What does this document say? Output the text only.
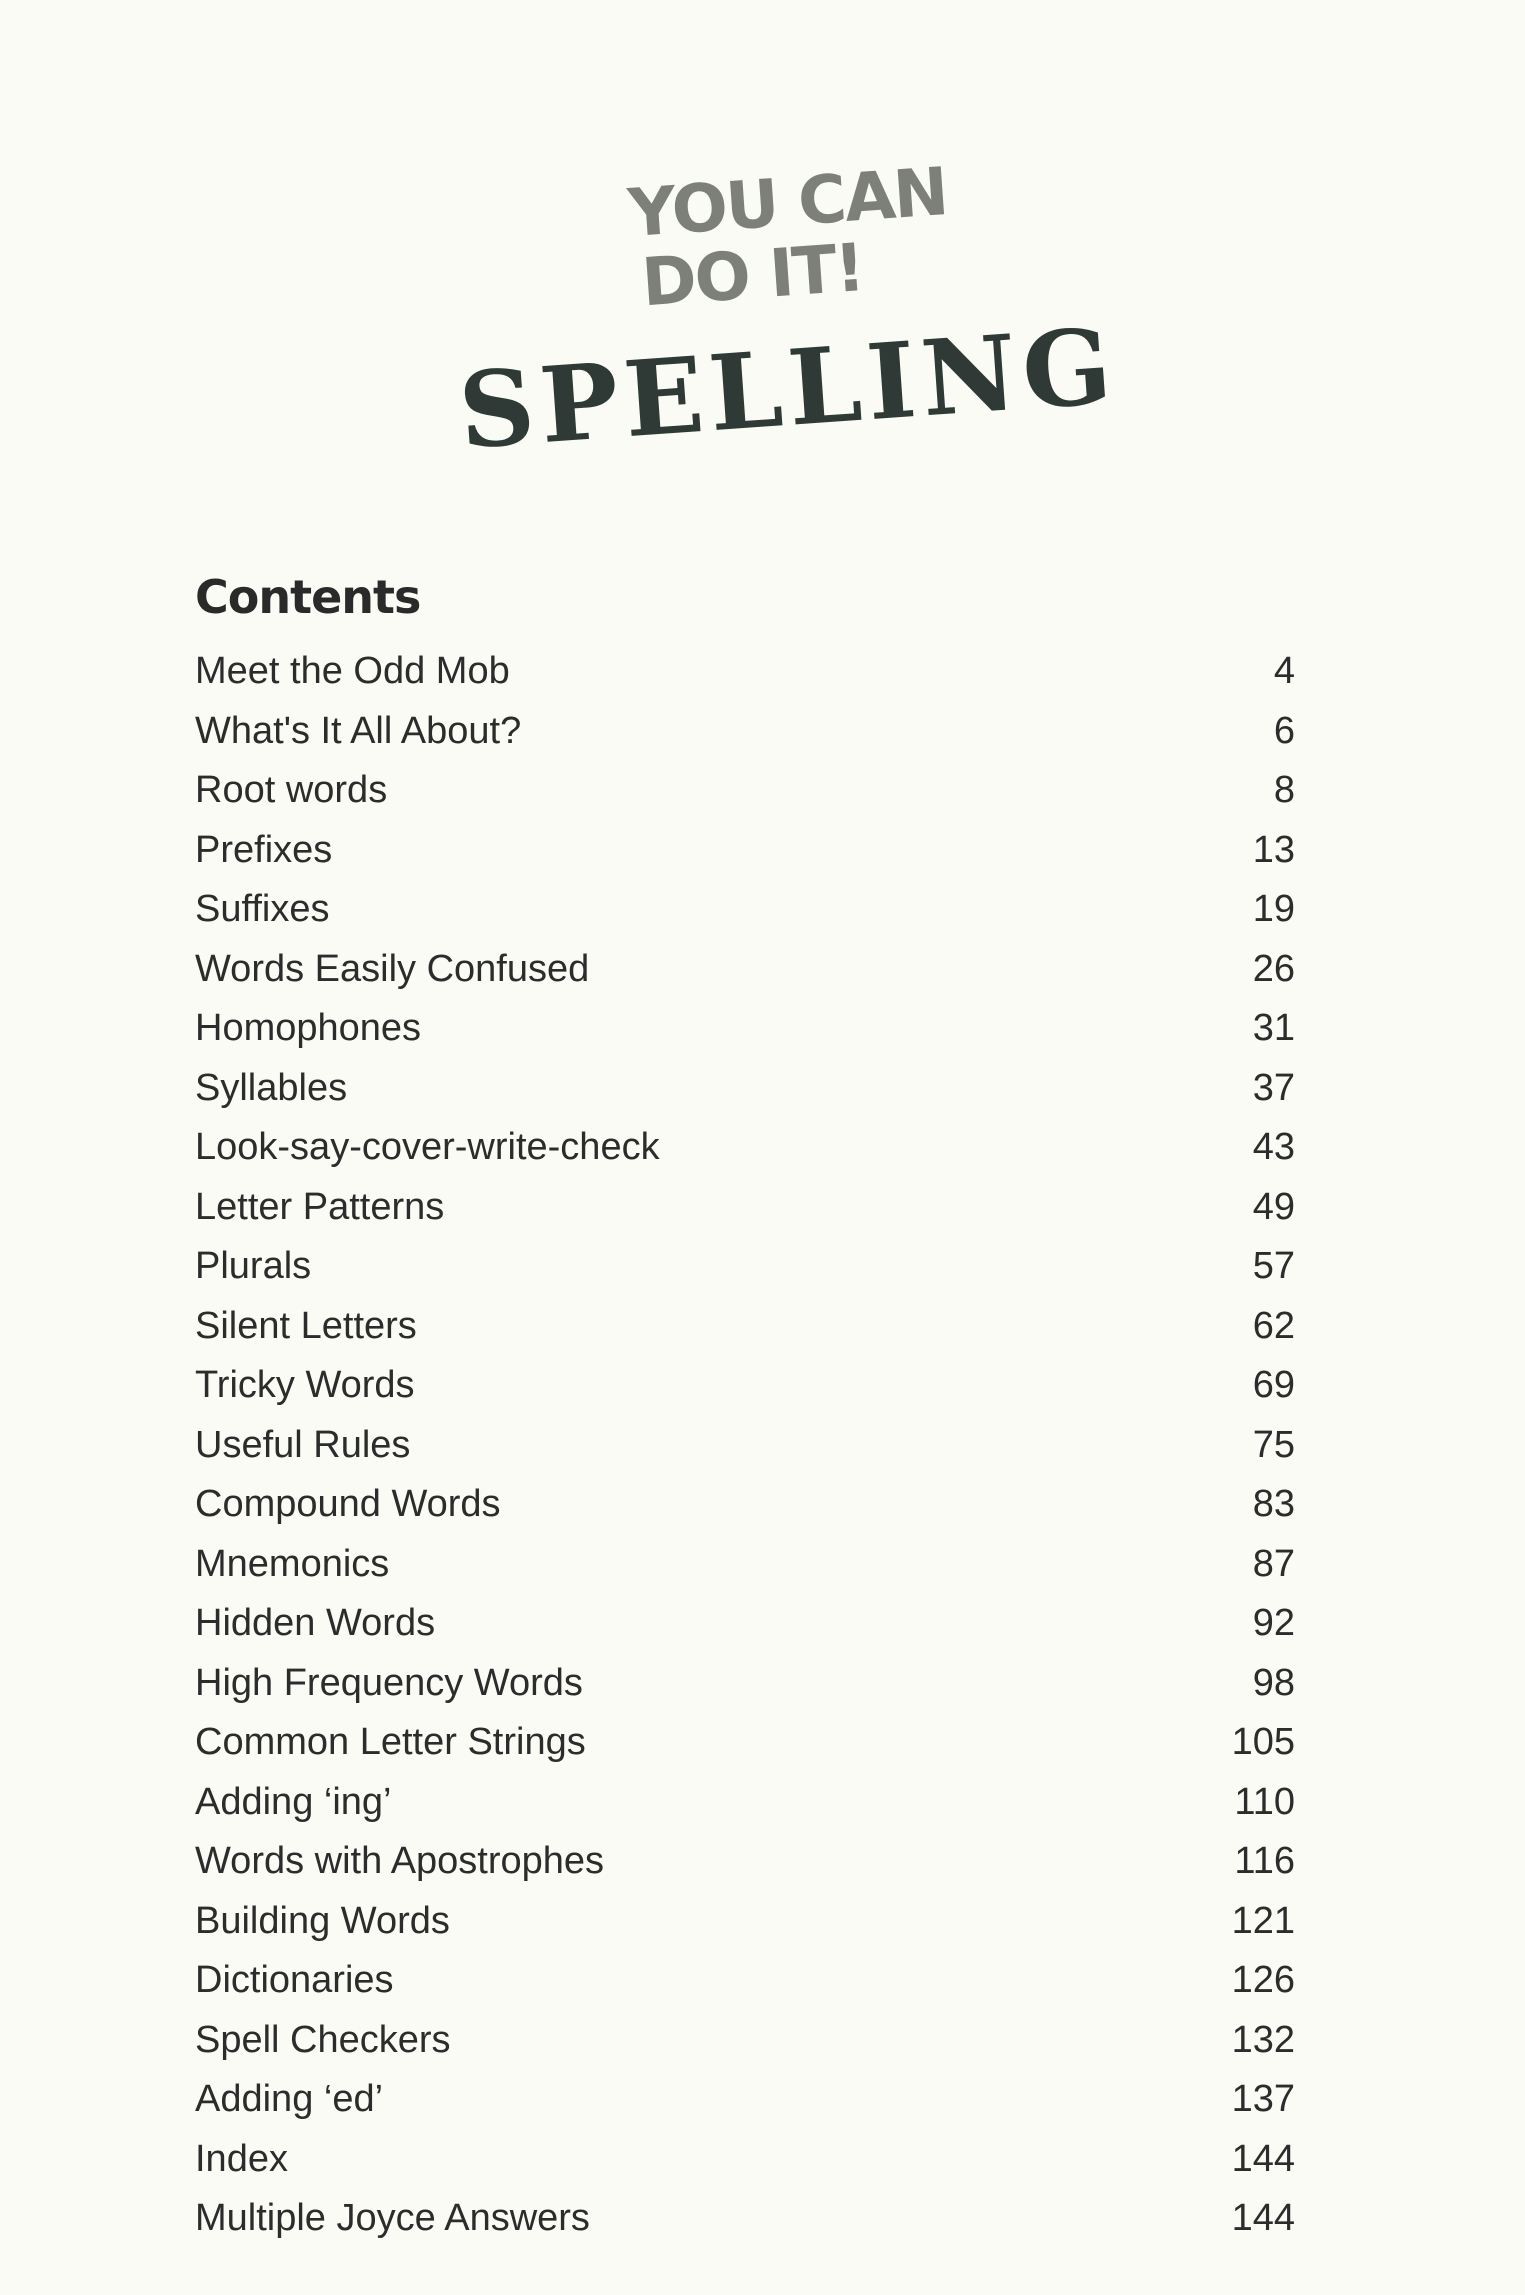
YOU CAN
DO IT!
SPELLING
Contents
Meet the Odd Mob	4
What's It All About?	6
Root words	8
Prefixes	13
Suffixes	19
Words Easily Confused	26
Homophones	31
Syllables	37
Look-say-cover-write-check	43
Letter Patterns	49
Plurals	57
Silent Letters	62
Tricky Words	69
Useful Rules	75
Compound Words	83
Mnemonics	87
Hidden Words	92
High Frequency Words	98
Common Letter Strings	105
Adding ‘ing’	110
Words with Apostrophes	116
Building Words	121
Dictionaries	126
Spell Checkers	132
Adding ‘ed’	137
Index	144
Multiple Joyce Answers	144
